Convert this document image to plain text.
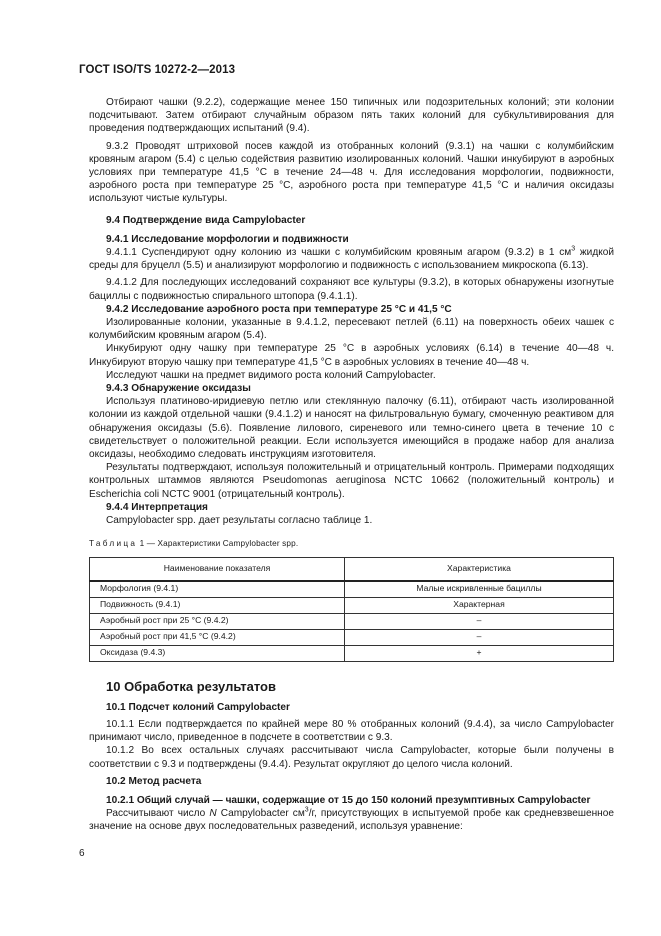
ГОСТ ISO/TS 10272-2—2013

Отбирают чашки (9.2.2), содержащие менее 150 типичных или подозрительных колоний; эти колонии подсчитывают. Затем отбирают случайным образом пять таких колоний для субкультивирования для проведения подтверждающих испытаний (9.4).

9.3.2 Проводят штриховой посев каждой из отобранных колоний (9.3.1) на чашки с колумбийским кровяным агаром (5.4) с целью содействия развитию изолированных колоний. Чашки инкубируют в аэробных условиях при температуре 41,5 °С в течение 24—48 ч. Для исследования морфологии, подвижности, аэробного роста при температуре 25 °С, аэробного роста при температуре 41,5 °С и наличия оксидазы используют чистые культуры.

9.4 Подтверждение вида Campylobacter

9.4.1 Исследование морфологии и подвижности

9.4.1.1 Суспендируют одну колонию из чашки с колумбийским кровяным агаром (9.3.2) в 1 $см^3$ жидкой среды для бруцелл (5.5) и анализируют морфологию и подвижность с использованием микроскопа (6.13).

9.4.1.2 Для последующих исследований сохраняют все культуры (9.3.2), в которых обнаружены изогнутые бациллы с подвижностью спирального штопора (9.4.1.1).

9.4.2 Исследование аэробного роста при температуре 25 °С и 41,5 °С

Изолированные колонии, указанные в 9.4.1.2, пересевают петлей (6.11) на поверхность обеих чашек с колумбийским кровяным агаром (5.4).

Инкубируют одну чашку при температуре 25 °С в аэробных условиях (6.14) в течение 40—48 ч. Инкубируют вторую чашку при температуре 41,5 °С в аэробных условиях в течение 40—48 ч.

Исследуют чашки на предмет видимого роста колоний Campylobacter.

9.4.3 Обнаружение оксидазы

Используя платиново-иридиевую петлю или стеклянную палочку (6.11), отбирают часть изолированной колонии из каждой отдельной чашки (9.4.1.2) и наносят на фильтровальную бумагу, смоченную реактивом для обнаружения оксидазы (5.6). Появление лилового, сиреневого или темно-синего цвета в течение 10 с свидетельствует о положительной реакции. Если используется имеющийся в продаже набор для анализа оксидазы, необходимо следовать инструкциям изготовителя.

Результаты подтверждают, используя положительный и отрицательный контроль. Примерами подходящих контрольных штаммов являются Pseudomonas aeruginosa NCTC 10662 (положительный контроль) и Escherichia coli NCTC 9001 (отрицательный контроль).

9.4.4 Интерпретация

Campylobacter spp. дает результаты согласно таблице 1.

Таблица 1 — Характеристики Campylobacter spp.
Наименование показателя	Характеристика
Морфология (9.4.1)	Малые искривленные бациллы
Подвижность (9.4.1)	Характерная
Аэробный рост при 25 °С (9.4.2)	–
Аэробный рост при 41,5 °С (9.4.2)	–
Оксидаза (9.4.3)	+
10 Обработка результатов

10.1 Подсчет колоний Campylobacter

10.1.1 Если подтверждается по крайней мере 80 % отобранных колоний (9.4.4), за число Campylobacter принимают число, приведенное в подсчете в соответствии с 9.3.

10.1.2 Во всех остальных случаях рассчитывают числа Campylobacter, которые были получены в соответствии с 9.3 и подтверждены (9.4.4). Результат округляют до целого числа колоний.

10.2 Метод расчета

10.2.1 Общий случай — чашки, содержащие от 15 до 150 колоний презумптивных Campylobacter

Рассчитывают число N Campylobacter $см^3/г$, присутствующих в испытуемой пробе как средневзвешенное значение на основе двух последовательных разведений, используя уравнение:

6
